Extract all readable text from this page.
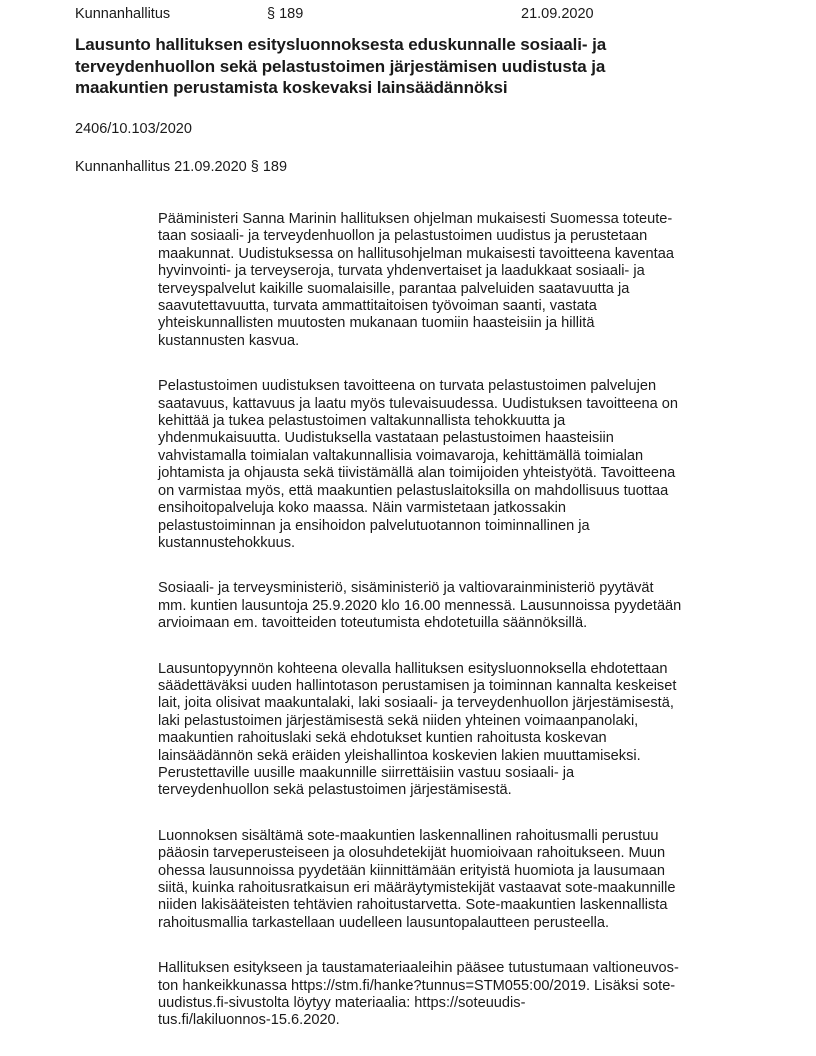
Kunnanhallitus	§ 189	21.09.2020
Lausunto hallituksen esitysluonnoksesta eduskunnalle sosiaali- ja
terveydenhuollon sekä pelastustoimen järjestämisen uudistusta ja
maakuntien perustamista koskevaksi lainsäädännöksi
2406/10.103/2020
Kunnanhallitus 21.09.2020 § 189

Pääministeri Sanna Marinin hallituksen ohjelman mukaisesti Suomessa toteute-
taan sosiaali- ja terveydenhuollon ja pelastustoimen uudistus ja perustetaan
maakunnat. Uudistuksessa on hallitusohjelman mukaisesti tavoitteena kaventaa
hyvinvointi- ja terveyseroja, turvata yhdenvertaiset ja laadukkaat sosiaali- ja
terveyspalvelut kaikille suomalaisille, parantaa palveluiden saatavuutta ja
saavutettavuutta, turvata ammattitaitoisen työvoiman saanti, vastata
yhteiskunnallisten muutosten mukanaan tuomiin haasteisiin ja hillitä
kustannusten kasvua.

Pelastustoimen uudistuksen tavoitteena on turvata pelastustoimen palvelujen
saatavuus, kattavuus ja laatu myös tulevaisuudessa. Uudistuksen tavoitteena on
kehittää ja tukea pelastustoimen valtakunnallista tehokkuutta ja
yhdenmukaisuutta. Uudistuksella vastataan pelastustoimen haasteisiin
vahvistamalla toimialan valtakunnallisia voimavaroja, kehittämällä toimialan
johtamista ja ohjausta sekä tiivistämällä alan toimijoiden yhteistyötä. Tavoitteena
on varmistaa myös, että maakuntien pelastuslaitoksilla on mahdollisuus tuottaa
ensihoitopalveluja koko maassa. Näin varmistetaan jatkossakin
pelastustoiminnan ja ensihoidon palvelutuotannon toiminnallinen ja
kustannustehokkuus.

Sosiaali- ja terveysministeriö, sisäministeriö ja valtiovarainministeriö pyytävät
mm. kuntien lausuntoja 25.9.2020 klo 16.00 mennessä. Lausunnoissa pyydetään
arvioimaan em. tavoitteiden toteutumista ehdotetuilla säännöksillä.

Lausuntopyynnön kohteena olevalla hallituksen esitysluonnoksella ehdotettaan
säädettäväksi uuden hallintotason perustamisen ja toiminnan kannalta keskeiset
lait, joita olisivat maakuntalaki, laki sosiaali- ja terveydenhuollon järjestämisestä,
laki pelastustoimen järjestämisestä sekä niiden yhteinen voimaanpanolaki,
maakuntien rahoituslaki sekä ehdotukset kuntien rahoitusta koskevan
lainsäädännön sekä eräiden yleishallintoa koskevien lakien muuttamiseksi.
Perustettaville uusille maakunnille siirrettäisiin vastuu sosiaali- ja
terveydenhuollon sekä pelastustoimen järjestämisestä.

Luonnoksen sisältämä sote-maakuntien laskennallinen rahoitusmalli perustuu
pääosin tarveperusteiseen ja olosuhdetekijät huomioivaan rahoitukseen. Muun
ohessa lausunnoissa pyydetään kiinnittämään erityistä huomiota ja lausumaan
siitä, kuinka rahoitusratkaisun eri määräytymistekijät vastaavat sote-maakunnille
niiden lakisääteisten tehtävien rahoitustarvetta. Sote-maakuntien laskennallista
rahoitusmallia tarkastellaan uudelleen lausuntopalautteen perusteella.

Hallituksen esitykseen ja taustamateriaaleihin pääsee tutustumaan valtioneuvos-
ton hankeikkunassa https://stm.fi/hanke?tunnus=STM055:00/2019. Lisäksi sote-
uudistus.fi-sivustolta löytyy materiaalia: https://soteuudis-
tus.fi/lakiluonnos-15.6.2020.
